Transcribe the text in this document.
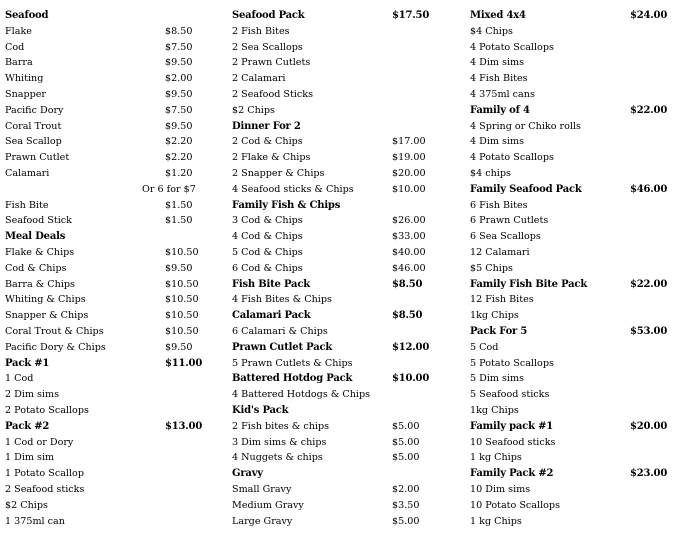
Seafood
Flake	$8.50
Cod	$7.50
Barra	$9.50
Whiting	$2.00
Snapper	$9.50
Pacific Dory	$7.50
Coral Trout	$9.50
Sea Scallop	$2.20
Prawn Cutlet	$2.20
Calamari	$1.20
Or 6 for $7
Fish Bite	$1.50
Seafood Stick	$1.50
Meal Deals
Flake & Chips	$10.50
Cod & Chips	$9.50
Barra & Chips	$10.50
Whiting & Chips	$10.50
Snapper & Chips	$10.50
Coral Trout & Chips	$10.50
Pacific Dory & Chips	$9.50
Pack #1	$11.00
1 Cod
2 Dim sims
2 Potato Scallops
Pack #2	$13.00
1 Cod or Dory
1 Dim sim
1 Potato Scallop
2 Seafood sticks
$2 Chips
1 375ml can
Seafood Pack	$17.50
2 Fish Bites
2 Sea Scallops
2 Prawn Cutlets
2 Calamari
2 Seafood Sticks
$2 Chips
Dinner For 2
2 Cod & Chips	$17.00
2 Flake & Chips	$19.00
2 Snapper & Chips	$20.00
4 Seafood sticks & Chips	$10.00
Family Fish & Chips
3 Cod & Chips	$26.00
4 Cod & Chips	$33.00
5 Cod & Chips	$40.00
6 Cod & Chips	$46.00
Fish Bite Pack	$8.50
4 Fish Bites & Chips
Calamari Pack	$8.50
6 Calamari & Chips
Prawn Cutlet Pack	$12.00
5 Prawn Cutlets & Chips
Battered Hotdog Pack	$10.00
4 Battered Hotdogs & Chips
Kid's Pack
2 Fish bites & chips	$5.00
3 Dim sims & chips	$5.00
4 Nuggets & chips	$5.00
Gravy
Small Gravy	$2.00
Medium Gravy	$3.50
Large Gravy	$5.00
Mixed 4x4	$24.00
$4 Chips
4 Potato Scallops
4 Dim sims
4 Fish Bites
4 375ml cans
Family of 4	$22.00
4 Spring or Chiko rolls
4 Dim sims
4 Potato Scallops
$4 chips
Family Seafood Pack	$46.00
6 Fish Bites
6 Prawn Cutlets
6 Sea Scallops
12 Calamari
$5 Chips
Family Fish Bite Pack	$22.00
12 Fish Bites
1kg Chips
Pack For 5	$53.00
5 Cod
5 Potato Scallops
5 Dim sims
5 Seafood sticks
1kg Chips
Family pack #1	$20.00
10 Seafood sticks
1 kg Chips
Family Pack #2	$23.00
10 Dim sims
10 Potato Scallops
1 kg Chips
